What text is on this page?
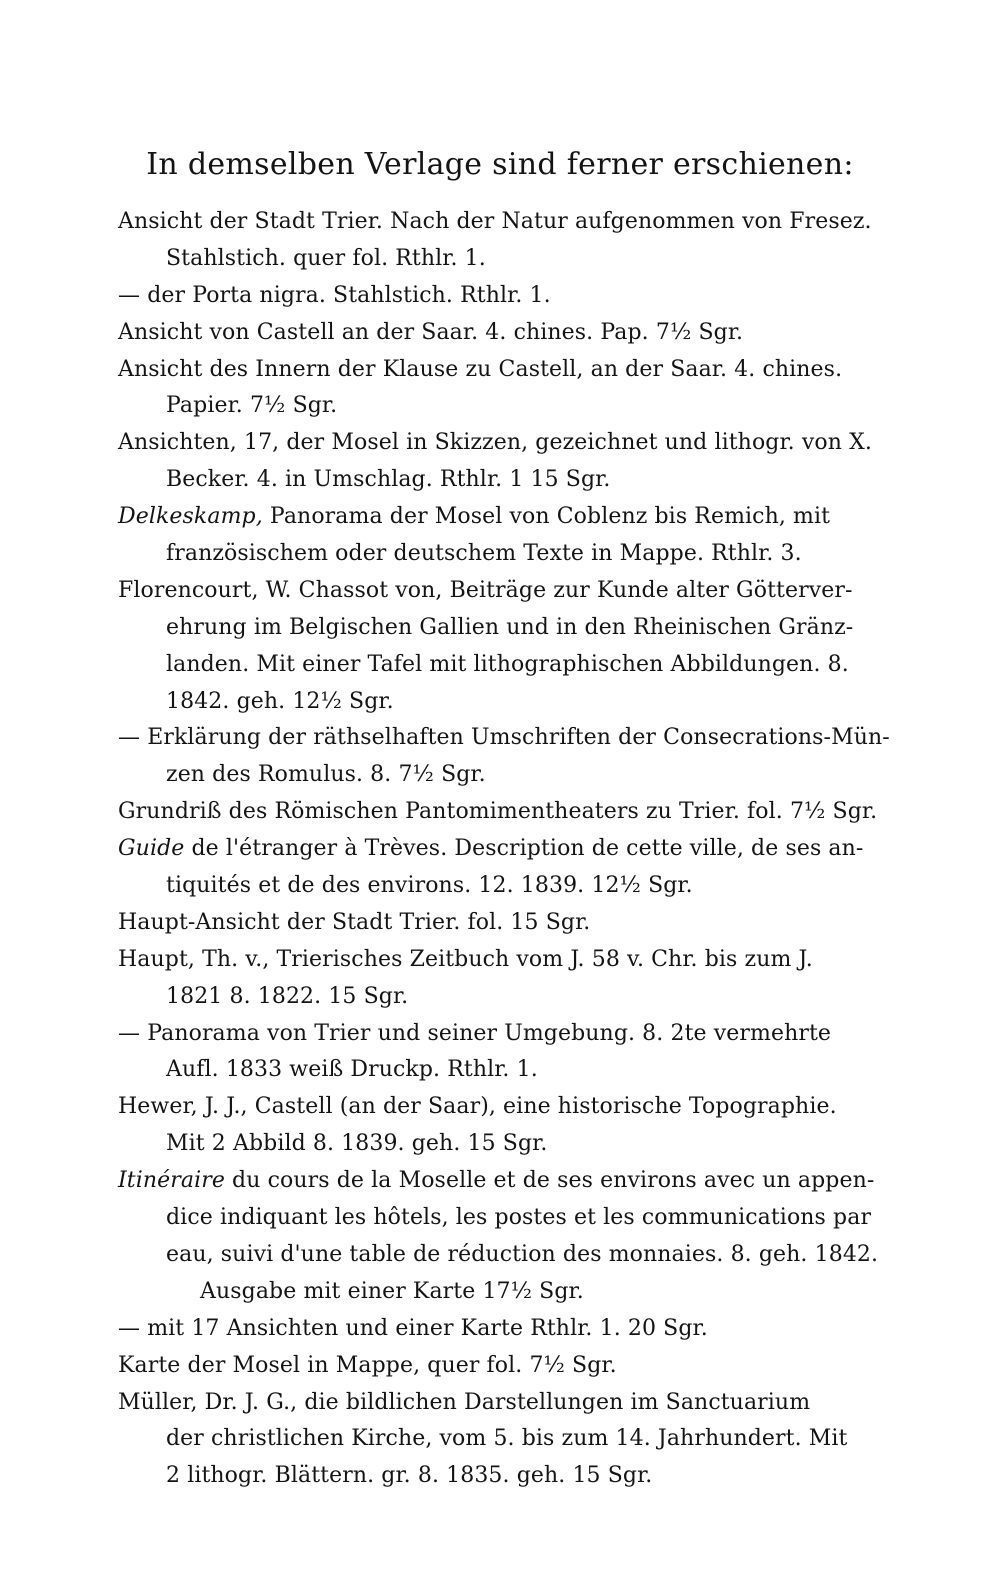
In demselben Verlage sind ferner erschienen:
Ansicht der Stadt Trier. Nach der Natur aufgenommen von Fresez.
Stahlstich. quer fol. Rthlr. 1.
— der Porta nigra. Stahlstich. Rthlr. 1.
Ansicht von Castell an der Saar. 4. chines. Pap. 7½ Sgr.
Ansicht des Innern der Klause zu Castell, an der Saar. 4. chines.
Papier. 7½ Sgr.
Ansichten, 17, der Mosel in Skizzen, gezeichnet und lithogr. von X.
Becker. 4. in Umschlag. Rthlr. 1 15 Sgr.
Delkeskamp, Panorama der Mosel von Coblenz bis Remich, mit
französischem oder deutschem Texte in Mappe. Rthlr. 3.
Florencourt, W. Chassot von, Beiträge zur Kunde alter Götterver-
ehrung im Belgischen Gallien und in den Rheinischen Gränz-
landen. Mit einer Tafel mit lithographischen Abbildungen. 8.
1842. geh. 12½ Sgr.
— Erklärung der räthselhaften Umschriften der Consecrations-Mün-
zen des Romulus. 8. 7½ Sgr.
Grundriß des Römischen Pantomimentheaters zu Trier. fol. 7½ Sgr.
Guide de l'étranger à Trèves. Description de cette ville, de ses an-
tiquités et de des environs. 12. 1839. 12½ Sgr.
Haupt-Ansicht der Stadt Trier. fol. 15 Sgr.
Haupt, Th. v., Trierisches Zeitbuch vom J. 58 v. Chr. bis zum J.
1821 8. 1822. 15 Sgr.
— Panorama von Trier und seiner Umgebung. 8. 2te vermehrte
Aufl. 1833 weiß Druckp. Rthlr. 1.
Hewer, J. J., Castell (an der Saar), eine historische Topographie.
Mit 2 Abbild 8. 1839. geh. 15 Sgr.
Itinéraire du cours de la Moselle et de ses environs avec un appen-
dice indiquant les hôtels, les postes et les communications par
eau, suivi d'une table de réduction des monnaies. 8. geh. 1842.
Ausgabe mit einer Karte 17½ Sgr.
— mit 17 Ansichten und einer Karte Rthlr. 1. 20 Sgr.
Karte der Mosel in Mappe, quer fol. 7½ Sgr.
Müller, Dr. J. G., die bildlichen Darstellungen im Sanctuarium
der christlichen Kirche, vom 5. bis zum 14. Jahrhundert. Mit
2 lithogr. Blättern. gr. 8. 1835. geh. 15 Sgr.
